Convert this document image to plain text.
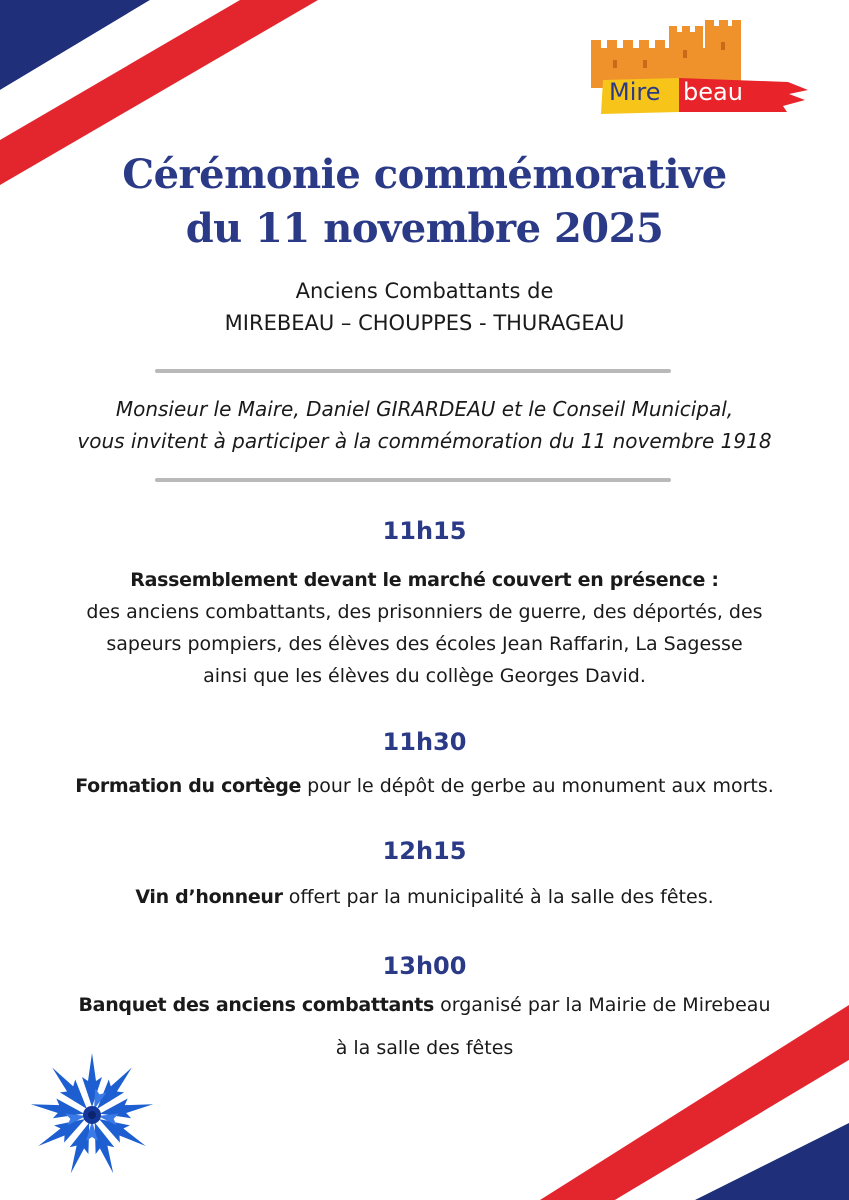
Mire beau
Cérémonie commémorative
du 11 novembre 2025
Anciens Combattants de
MIREBEAU – CHOUPPES - THURAGEAU
Monsieur le Maire, Daniel GIRARDEAU et le Conseil Municipal,
vous invitent à participer à la commémoration du 11 novembre 1918
11h15
Rassemblement devant le marché couvert en présence :
des anciens combattants, des prisonniers de guerre, des déportés, des
sapeurs pompiers, des élèves des écoles Jean Raffarin, La Sagesse
ainsi que les élèves du collège Georges David.
11h30
Formation du cortège pour le dépôt de gerbe au monument aux morts.
12h15
Vin d’honneur offert par la municipalité à la salle des fêtes.
13h00
Banquet des anciens combattants organisé par la Mairie de Mirebeau
à la salle des fêtes
